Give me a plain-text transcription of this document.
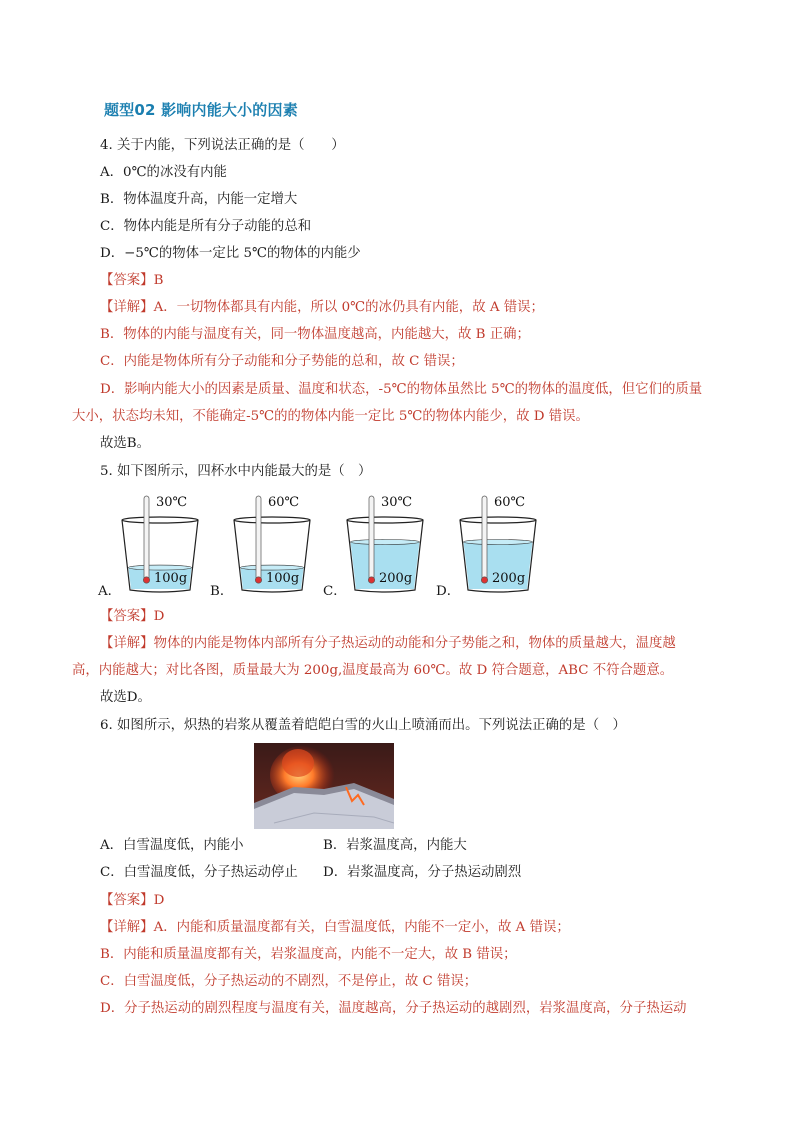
题型02 影响内能大小的因素
4. 关于内能，下列说法正确的是（　　）
A．0℃的冰没有内能
B．物体温度升高，内能一定增大
C．物体内能是所有分子动能的总和
D．−5℃的物体一定比 5℃的物体的内能少
【答案】B
【详解】A．一切物体都具有内能，所以 0℃的冰仍具有内能，故 A 错误；
B．物体的内能与温度有关，同一物体温度越高，内能越大，故 B 正确；
C．内能是物体所有分子动能和分子势能的总和，故 C 错误；
D．影响内能大小的因素是质量、温度和状态，-5℃的物体虽然比 5℃的物体的温度低，但它们的质量
大小，状态均未知，不能确定-5℃的的物体内能一定比 5℃的物体内能少，故 D 错误。
故选B。
5. 如下图所示，四杯水中内能最大的是（　）
A．
30℃
100g
B．
60℃
100g
C．
30℃
200g
D．
60℃
200g
【答案】D
【详解】物体的内能是物体内部所有分子热运动的动能和分子势能之和，物体的质量越大，温度越
高，内能越大；对比各图，质量最大为 200g,温度最高为 60℃。故 D 符合题意，ABC 不符合题意。
故选D。
6. 如图所示，炽热的岩浆从覆盖着皑皑白雪的火山上喷涌而出。下列说法正确的是（　）
A．白雪温度低，内能小	B．岩浆温度高，内能大
C．白雪温度低，分子热运动停止 D．岩浆温度高，分子热运动剧烈
【答案】D
【详解】A．内能和质量温度都有关，白雪温度低，内能不一定小，故 A 错误；
B．内能和质量温度都有关，岩浆温度高，内能不一定大，故 B 错误；
C．白雪温度低，分子热运动的不剧烈，不是停止，故 C 错误；
D．分子热运动的剧烈程度与温度有关，温度越高，分子热运动的越剧烈，岩浆温度高，分子热运动
